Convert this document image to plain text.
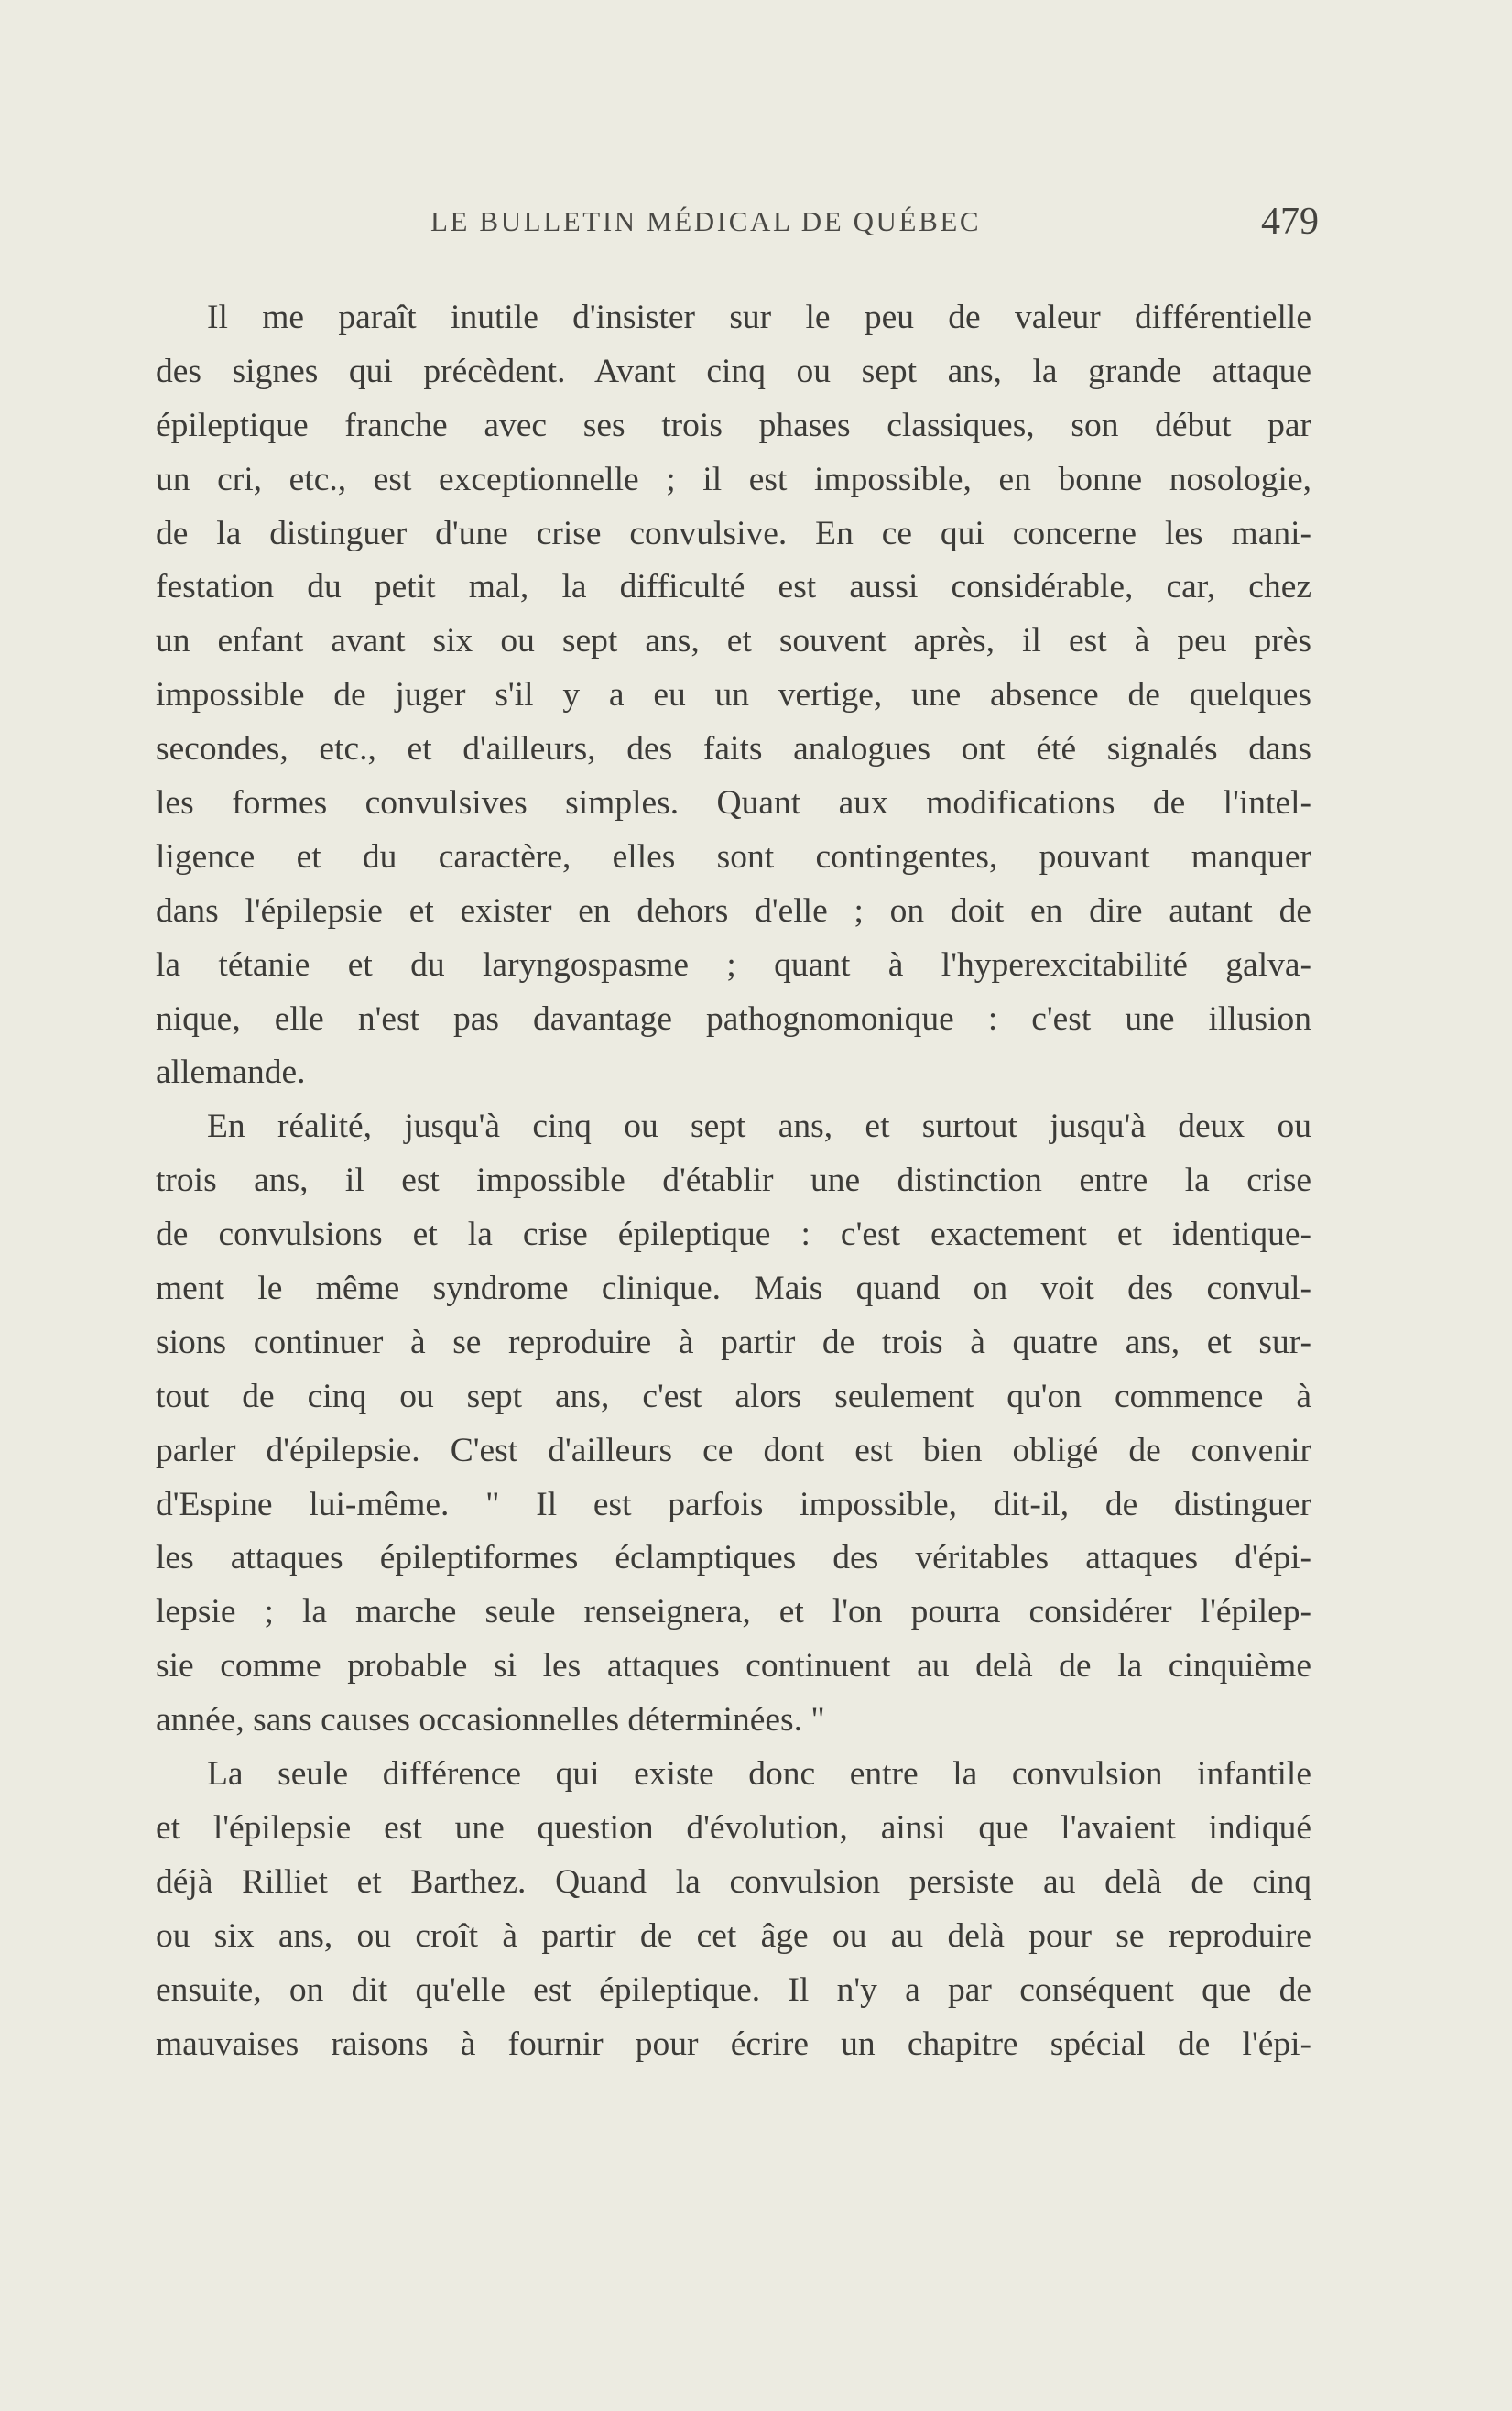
LE BULLETIN MÉDICAL DE QUÉBEC	479
Il me paraît inutile d'insister sur le peu de valeur différentielle
des signes qui précèdent. Avant cinq ou sept ans, la grande attaque
épileptique franche avec ses trois phases classiques, son début par
un cri, etc., est exceptionnelle ; il est impossible, en bonne nosologie,
de la distinguer d'une crise convulsive. En ce qui concerne les mani-
festation du petit mal, la difficulté est aussi considérable, car, chez
un enfant avant six ou sept ans, et souvent après, il est à peu près
impossible de juger s'il y a eu un vertige, une absence de quelques
secondes, etc., et d'ailleurs, des faits analogues ont été signalés dans
les formes convulsives simples. Quant aux modifications de l'intel-
ligence et du caractère, elles sont contingentes, pouvant manquer
dans l'épilepsie et exister en dehors d'elle ; on doit en dire autant de
la tétanie et du laryngospasme ; quant à l'hyperexcitabilité galva-
nique, elle n'est pas davantage pathognomonique : c'est une illusion
allemande.
En réalité, jusqu'à cinq ou sept ans, et surtout jusqu'à deux ou
trois ans, il est impossible d'établir une distinction entre la crise
de convulsions et la crise épileptique : c'est exactement et identique-
ment le même syndrome clinique. Mais quand on voit des convul-
sions continuer à se reproduire à partir de trois à quatre ans, et sur-
tout de cinq ou sept ans, c'est alors seulement qu'on commence à
parler d'épilepsie. C'est d'ailleurs ce dont est bien obligé de convenir
d'Espine lui-même. " Il est parfois impossible, dit-il, de distinguer
les attaques épileptiformes éclamptiques des véritables attaques d'épi-
lepsie ; la marche seule renseignera, et l'on pourra considérer l'épilep-
sie comme probable si les attaques continuent au delà de la cinquième
année, sans causes occasionnelles déterminées. "
La seule différence qui existe donc entre la convulsion infantile
et l'épilepsie est une question d'évolution, ainsi que l'avaient indiqué
déjà Rilliet et Barthez. Quand la convulsion persiste au delà de cinq
ou six ans, ou croît à partir de cet âge ou au delà pour se reproduire
ensuite, on dit qu'elle est épileptique. Il n'y a par conséquent que de
mauvaises raisons à fournir pour écrire un chapitre spécial de l'épi-
